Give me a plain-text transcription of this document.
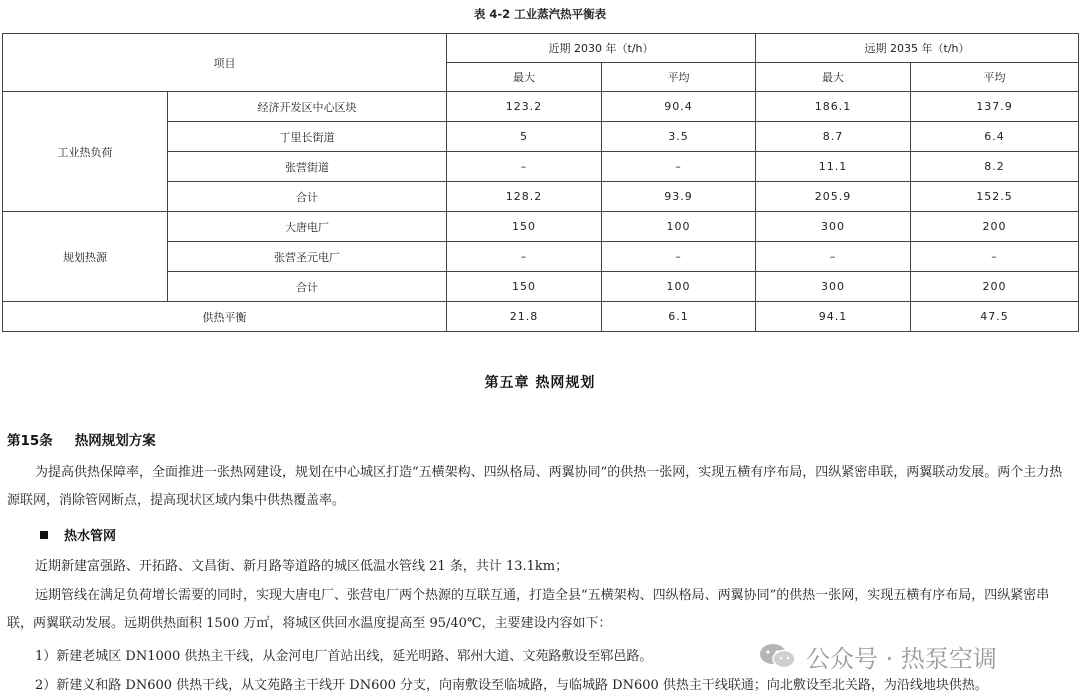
表 4-2 工业蒸汽热平衡表
项目		近期 2030 年（t/h）		远期 2035 年（t/h）	
		最大	平均	最大	平均
工业热负荷	经济开发区中心区块	123.2	90.4	186.1	137.9
	丁里长街道	5	3.5	8.7	6.4
	张营街道	–	–	11.1	8.2
	合计	128.2	93.9	205.9	152.5
规划热源	大唐电厂	150	100	300	200
	张营圣元电厂	–	–	–	–
	合计	150	100	300	200
供热平衡		21.8	6.1	94.1	47.5
第五章 热网规划
第15条 热网规划方案

为提高供热保障率，全面推进一张热网建设，规划在中心城区打造“五横架构、四纵格局、两翼协同”的供热一张网，实现五横有序布局，四纵紧密串联，两翼联动发展。两个主力热源联网，消除管网断点，提高现状区域内集中供热覆盖率。

热水管网

近期新建富强路、开拓路、文昌街、新月路等道路的城区低温水管线 21 条，共计 13.1km；

远期管线在满足负荷增长需要的同时，实现大唐电厂、张营电厂两个热源的互联互通，打造全县“五横架构、四纵格局、两翼协同”的供热一张网，实现五横有序布局，四纵紧密串联，两翼联动发展。远期供热面积 1500 万㎡，将城区供回水温度提高至 95/40℃，主要建设内容如下：

1）新建老城区 DN1000 供热主干线，从金河电厂首站出线，延光明路、郓州大道、文苑路敷设至郓邑路。

2）新建义和路 DN600 供热干线，从文苑路主干线开 DN600 分支，向南敷设至临城路，与临城路 DN600 供热主干线联通；向北敷设至北关路，为沿线地块供热。

公众号 · 热泵空调
